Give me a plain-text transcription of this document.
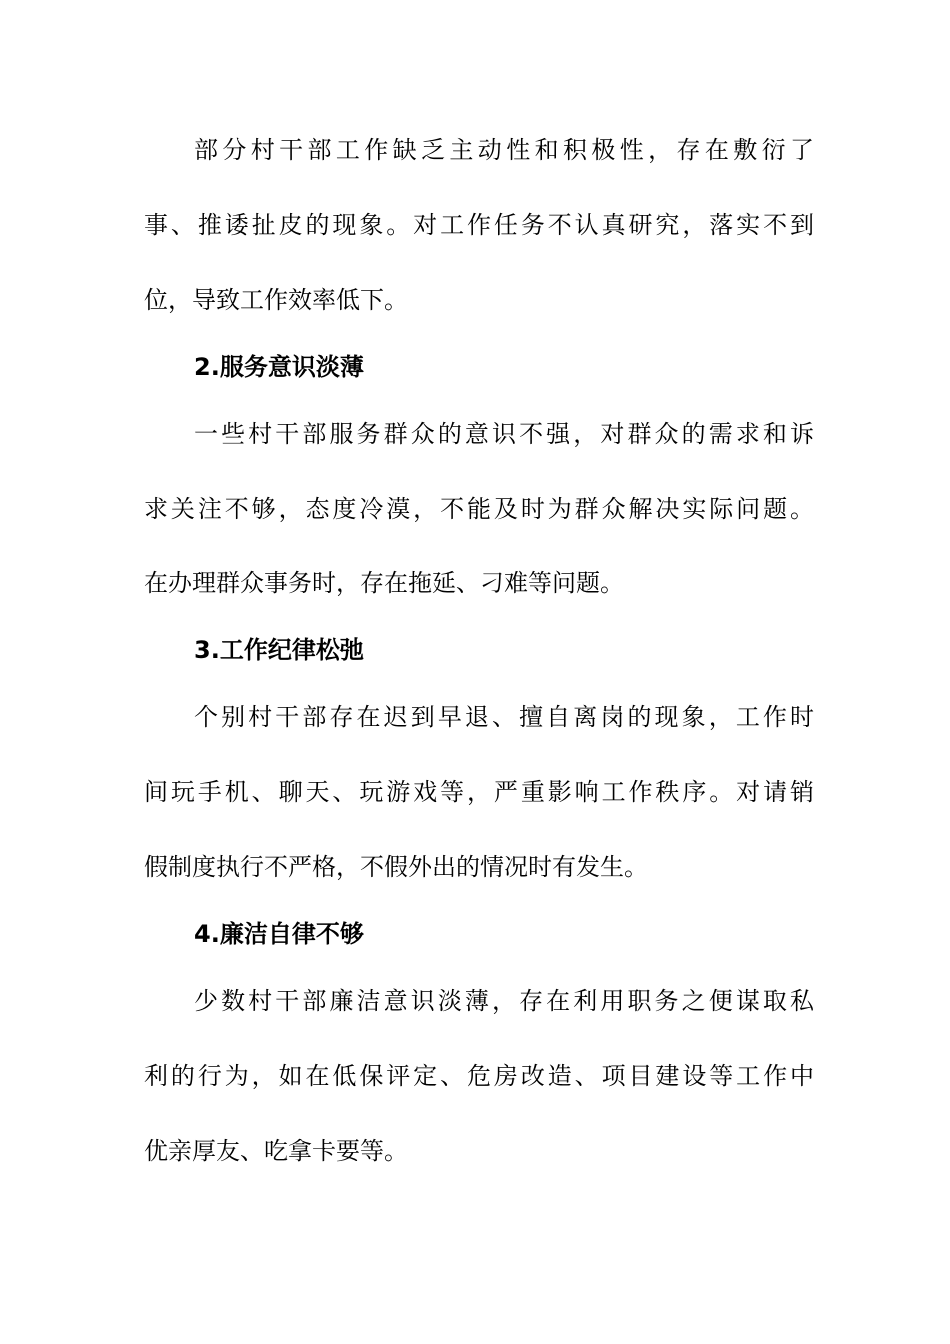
部分村干部工作缺乏主动性和积极性，存在敷衍了
事、推诿扯皮的现象。对工作任务不认真研究，落实不到
位，导致工作效率低下。
2.服务意识淡薄
一些村干部服务群众的意识不强，对群众的需求和诉
求关注不够，态度冷漠，不能及时为群众解决实际问题。
在办理群众事务时，存在拖延、刁难等问题。
3.工作纪律松弛
个别村干部存在迟到早退、擅自离岗的现象，工作时
间玩手机、聊天、玩游戏等，严重影响工作秩序。对请销
假制度执行不严格，不假外出的情况时有发生。
4.廉洁自律不够
少数村干部廉洁意识淡薄，存在利用职务之便谋取私
利的行为，如在低保评定、危房改造、项目建设等工作中
优亲厚友、吃拿卡要等。
